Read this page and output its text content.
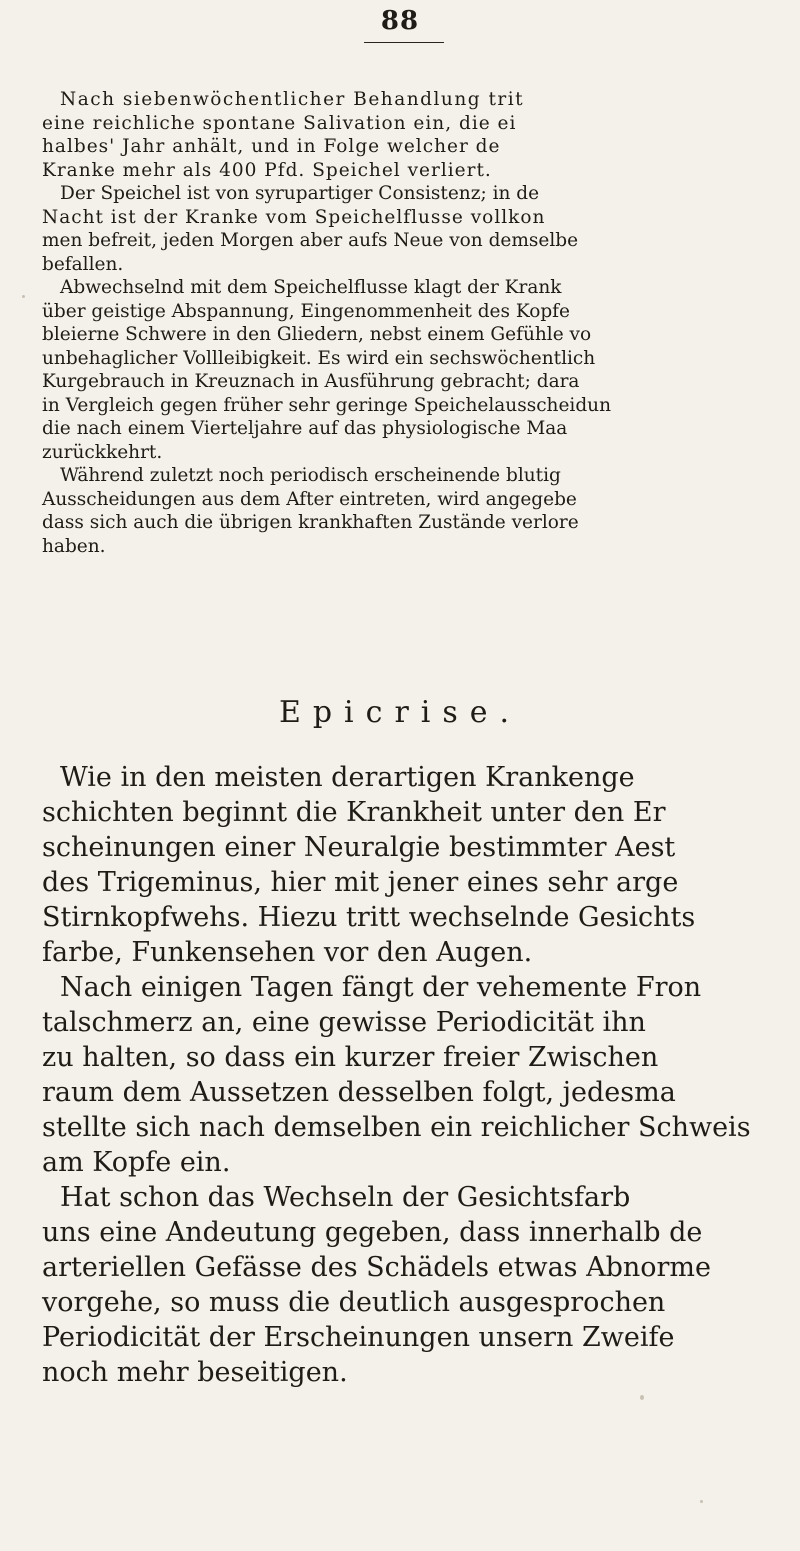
88
Nach siebenwöchentlicher Behandlung trit
eine reichliche spontane Salivation ein, die ei
halbes' Jahr anhält, und in Folge welcher de
Kranke mehr als 400 Pfd. Speichel verliert.
Der Speichel ist von syrupartiger Consistenz; in de
Nacht ist der Kranke vom Speichelflusse vollkon
men befreit, jeden Morgen aber aufs Neue von demselbe
befallen.
Abwechselnd mit dem Speichelflusse klagt der Krank
über geistige Abspannung, Eingenommenheit des Kopfe
bleierne Schwere in den Gliedern, nebst einem Gefühle vo
unbehaglicher Vollleibigkeit. Es wird ein sechswöchentlich
Kurgebrauch in Kreuznach in Ausführung gebracht; dara
in Vergleich gegen früher sehr geringe Speichelausscheidun
die nach einem Vierteljahre auf das physiologische Maa
zurückkehrt.
Während zuletzt noch periodisch erscheinende blutig
Ausscheidungen aus dem After eintreten, wird angegebe
dass sich auch die übrigen krankhaften Zustände verlore
haben.
Epicrise.
Wie in den meisten derartigen Krankenge
schichten beginnt die Krankheit unter den Er
scheinungen einer Neuralgie bestimmter Aest
des Trigeminus, hier mit jener eines sehr arge
Stirnkopfwehs. Hiezu tritt wechselnde Gesichts
farbe, Funkensehen vor den Augen.
Nach einigen Tagen fängt der vehemente Fron
talschmerz an, eine gewisse Periodicität ihn
zu halten, so dass ein kurzer freier Zwischen
raum dem Aussetzen desselben folgt, jedesma
stellte sich nach demselben ein reichlicher Schweis
am Kopfe ein.
Hat schon das Wechseln der Gesichtsfarb
uns eine Andeutung gegeben, dass innerhalb de
arteriellen Gefässe des Schädels etwas Abnorme
vorgehe, so muss die deutlich ausgesprochen
Periodicität der Erscheinungen unsern Zweife
noch mehr beseitigen.
